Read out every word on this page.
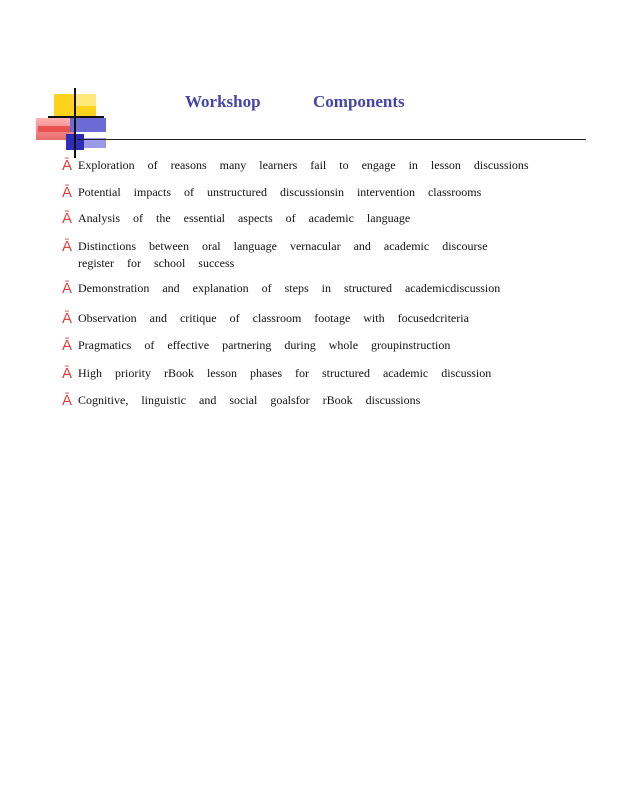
Workshop	Components
Ā Exploration of reasons many learners fail to engage in lesson discussions
Ā Potential impacts of unstructured discussionsin intervention classrooms
Ā Analysis of the essential aspects of academic language
Ā Distinctions between oral language vernacular and academic discourse
register for school success
Ā Demonstration and explanation of steps in structured academicdiscussion
Ā Observation and critique of classroom footage with focusedcriteria
Ā Pragmatics of effective partnering during whole groupinstruction
Ā High priority rBook lesson phases for structured academic discussion
Ā Cognitive, linguistic and social goalsfor rBook discussions
